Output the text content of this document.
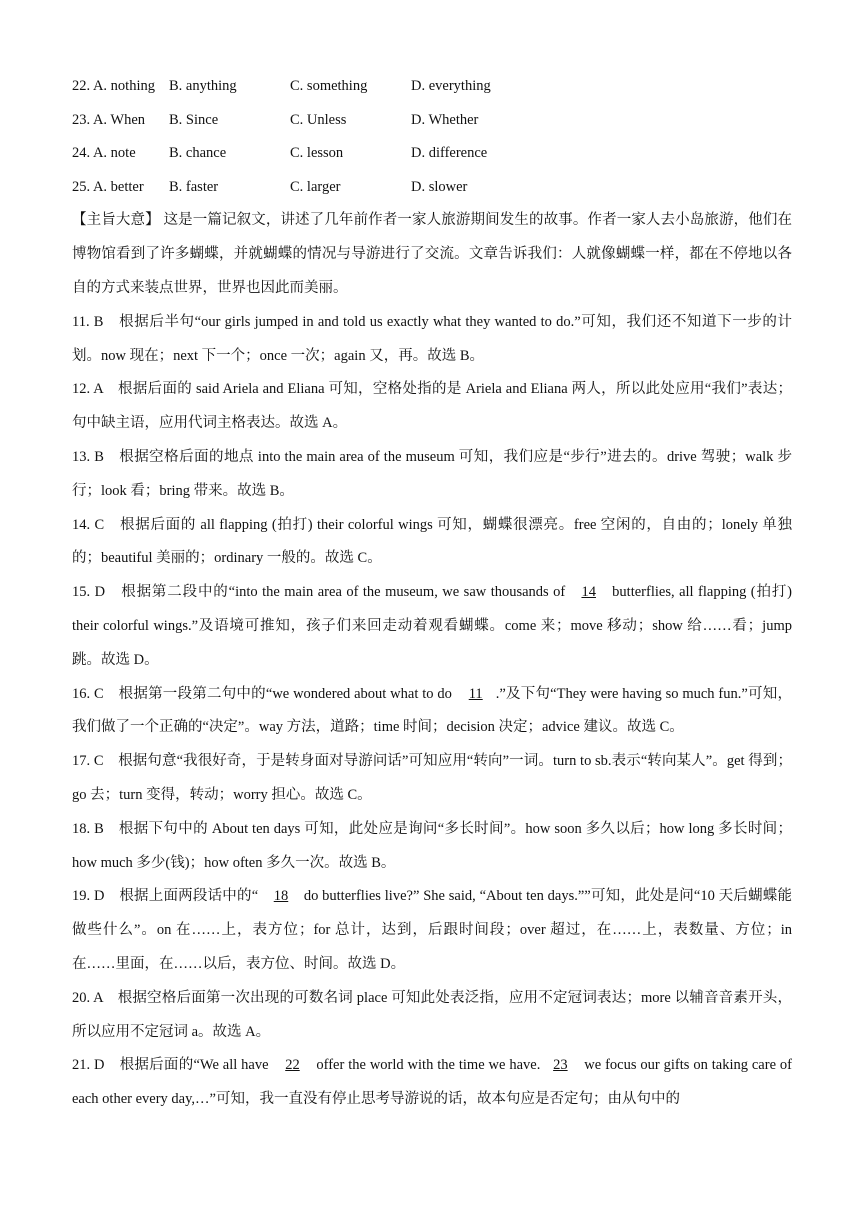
22. A. nothing B. anything	C. something	D. everything
23. A. When B. Since	C. Unless	D. Whether
24. A. note B. chance	C. lesson	D. difference
25. A. better B. faster	C. larger	D. slower

【主旨大意】 这是一篇记叙文，讲述了几年前作者一家人旅游期间发生的故事。作者一家人去小岛旅游，他们在博物馆看到了许多蝴蝶，并就蝴蝶的情况与导游进行了交流。文章告诉我们：人就像蝴蝶一样，都在不停地以各自的方式来装点世界，世界也因此而美丽。

11. B　根据后半句“our girls jumped in and told us exactly what they wanted to do.”可知，我们还不知道下一步的计划。now 现在；next 下一个；once 一次；again 又，再。故选 B。

12. A　根据后面的 said Ariela and Eliana 可知，空格处指的是 Ariela and Eliana 两人，所以此处应用“我们”表达；句中缺主语，应用代词主格表达。故选 A。

13. B　根据空格后面的地点 into the main area of the museum 可知，我们应是“步行”进去的。drive 驾驶；walk 步行；look 看；bring 带来。故选 B。

14. C　根据后面的 all flapping (拍打) their colorful wings 可知，蝴蝶很漂亮。free 空闲的，自由的；lonely 单独的；beautiful 美丽的；ordinary 一般的。故选 C。

15. D　根据第二段中的“into the main area of the museum, we saw thousands of 14 butterflies, all flapping (拍打) their colorful wings.”及语境可推知，孩子们来回走动着观看蝴蝶。come 来；move 移动；show 给……看；jump 跳。故选 D。

16. C　根据第一段第二句中的“we wondered about what to do 11 .”及下句“They were having so much fun.”可知，我们做了一个正确的“决定”。way 方法，道路；time 时间；decision 决定；advice 建议。故选 C。

17. C　根据句意“我很好奇，于是转身面对导游问话”可知应用“转向”一词。turn to sb.表示“转向某人”。get 得到；go 去；turn 变得，转动；worry 担心。故选 C。

18. B　根据下句中的 About ten days 可知，此处应是询问“多长时间”。how soon 多久以后；how long 多长时间；how much 多少(钱)；how often 多久一次。故选 B。

19. D　根据上面两段话中的“ 18 do butterflies live?” She said, “About ten days.””可知，此处是问“10 天后蝴蝶能做些什么”。on 在……上，表方位；for 总计，达到，后跟时间段；over 超过，在……上，表数量、方位；in 在……里面，在……以后，表方位、时间。故选 D。

20. A　根据空格后面第一次出现的可数名词 place 可知此处表泛指，应用不定冠词表达；more 以辅音音素开头，所以应用不定冠词 a。故选 A。

21. D　根据后面的“We all have 22 offer the world with the time we have. 23 we focus our gifts on taking care of each other every day,…”可知，我一直没有停止思考导游说的话，故本句应是否定句；由从句中的
